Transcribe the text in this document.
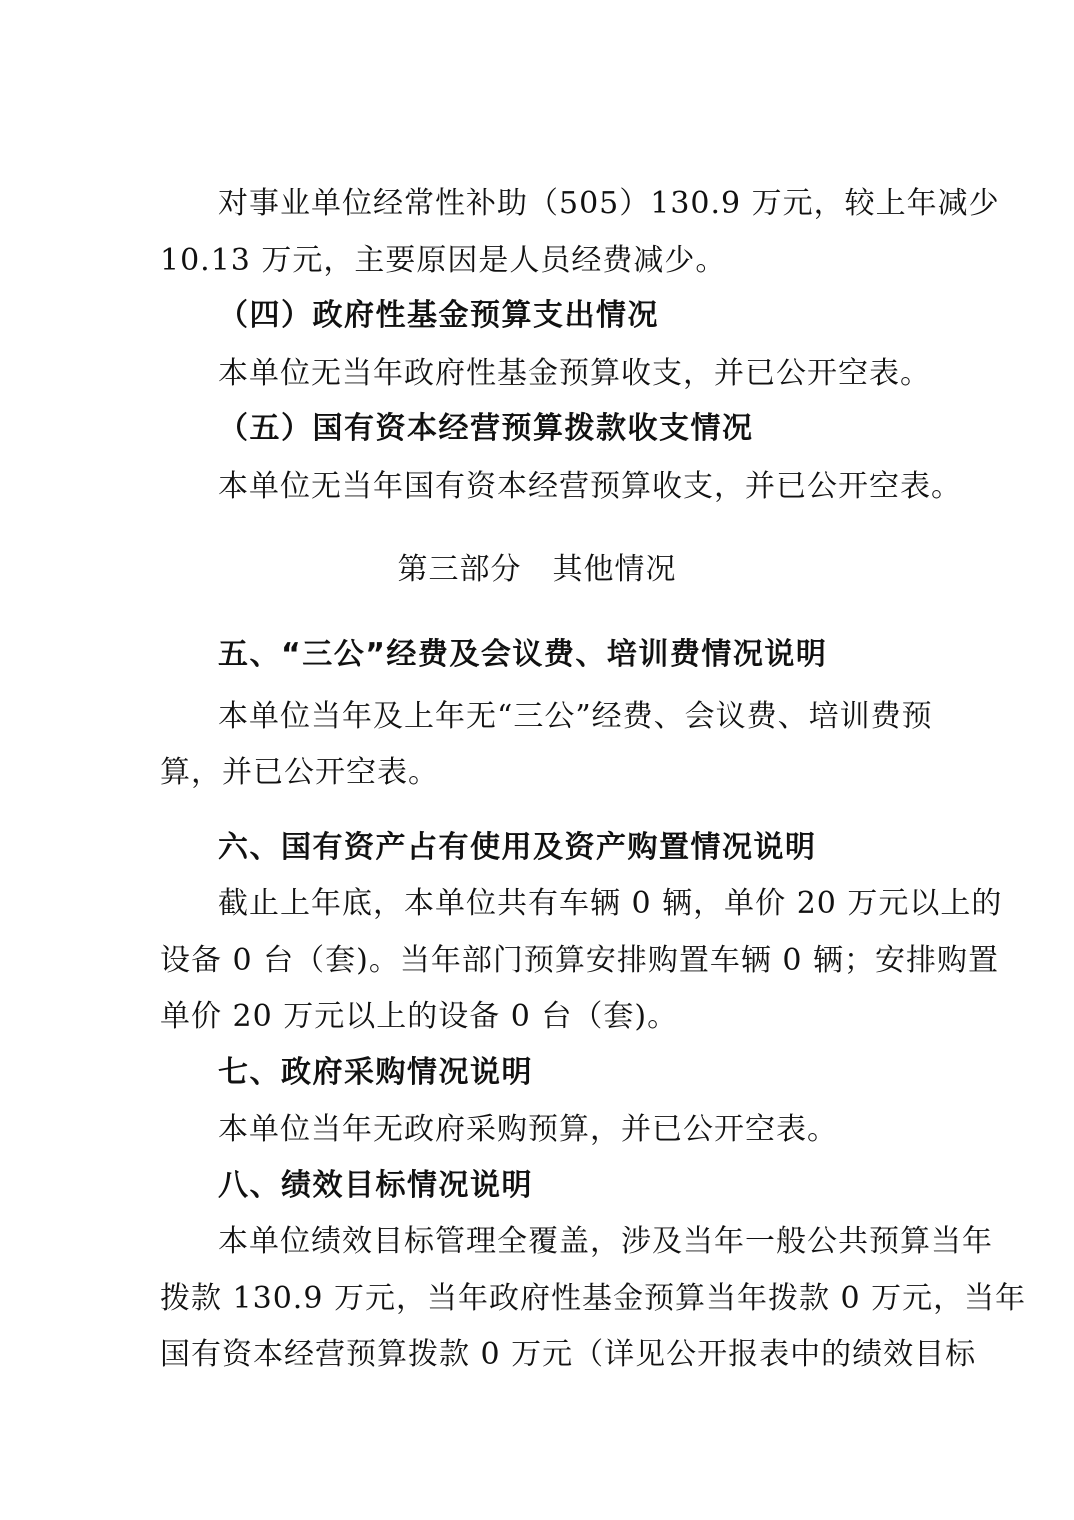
对事业单位经常性补助（505）130.9 万元，较上年减少
10.13 万元，主要原因是人员经费减少。
（四）政府性基金预算支出情况
本单位无当年政府性基金预算收支，并已公开空表。
（五）国有资本经营预算拨款收支情况
本单位无当年国有资本经营预算收支，并已公开空表。
第三部分　其他情况
五、“三公”经费及会议费、培训费情况说明
本单位当年及上年无“三公”经费、会议费、培训费预
算，并已公开空表。
六、国有资产占有使用及资产购置情况说明
截止上年底，本单位共有车辆 0 辆，单价 20 万元以上的
设备 0 台（套)。当年部门预算安排购置车辆 0 辆；安排购置
单价 20 万元以上的设备 0 台（套)。
七、政府采购情况说明
本单位当年无政府采购预算，并已公开空表。
八、绩效目标情况说明
本单位绩效目标管理全覆盖，涉及当年一般公共预算当年
拨款 130.9 万元，当年政府性基金预算当年拨款 0 万元，当年
国有资本经营预算拨款 0 万元（详见公开报表中的绩效目标
